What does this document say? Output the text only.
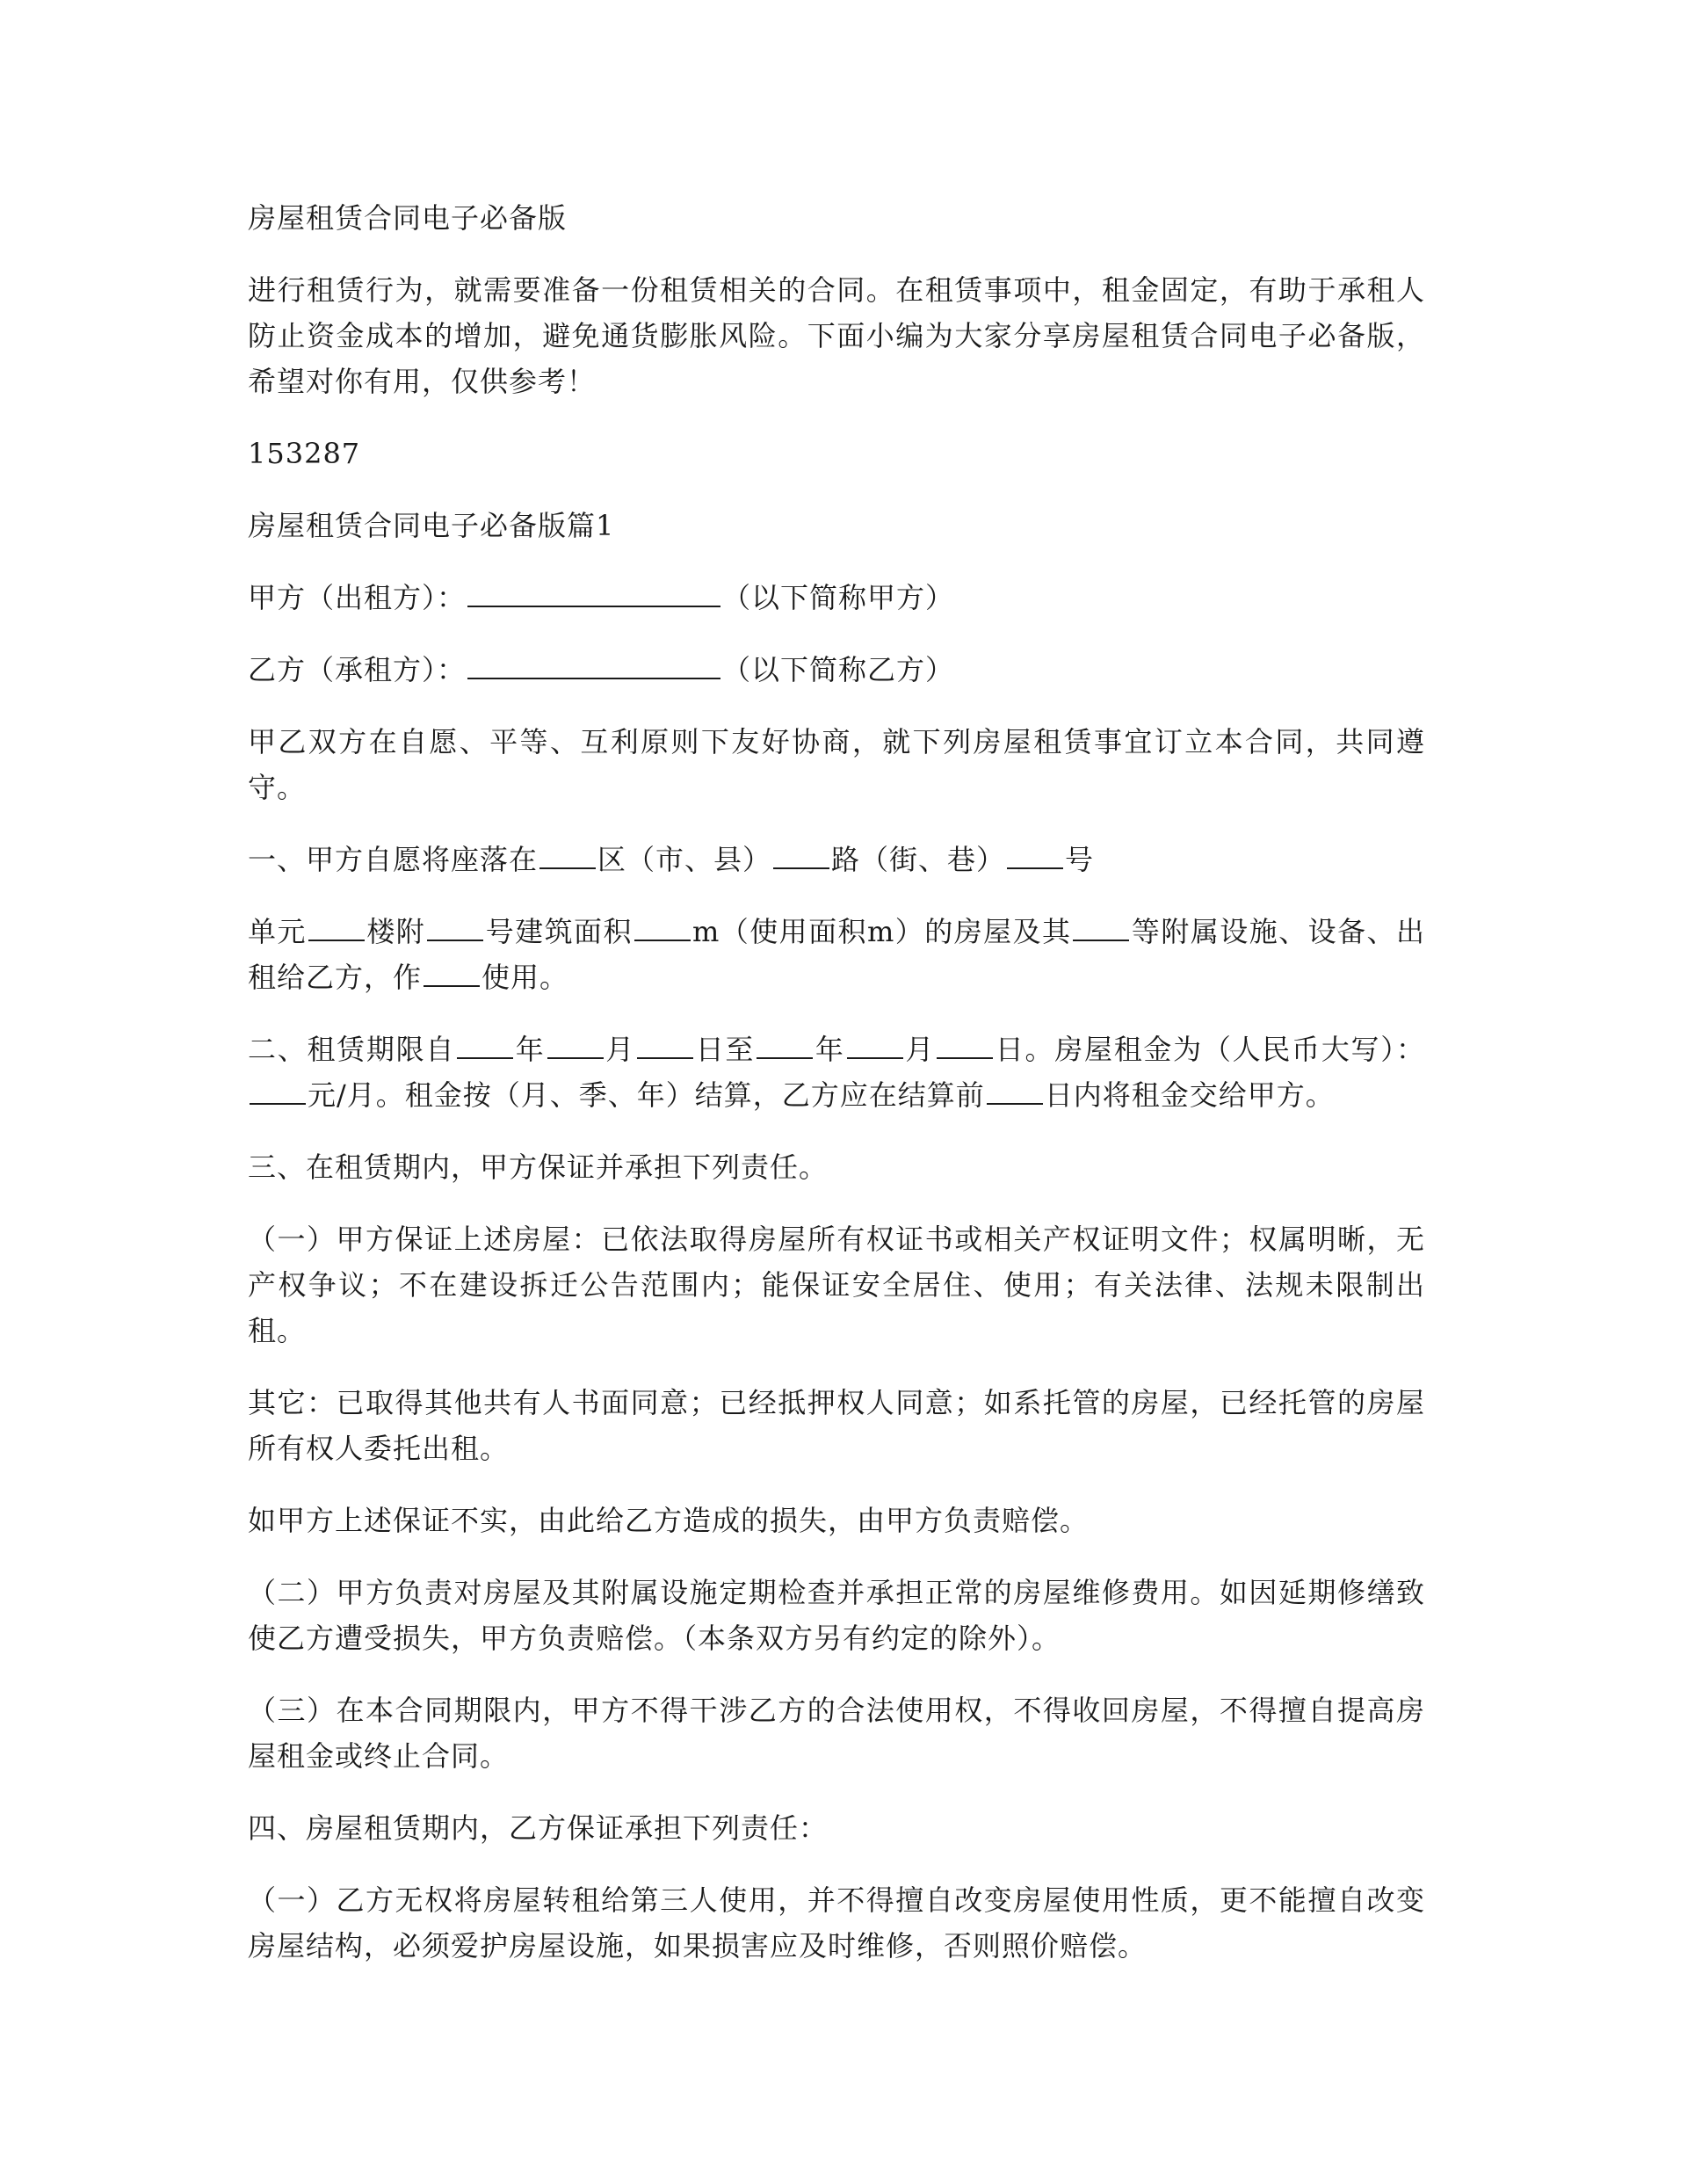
房屋租赁合同电子必备版

进行租赁行为，就需要准备一份租赁相关的合同。在租赁事项中，租金固定，有助于承租人防止资金成本的增加，避免通货膨胀风险。下面小编为大家分享房屋租赁合同电子必备版，希望对你有用，仅供参考！

153287

房屋租赁合同电子必备版篇1

甲方（出租方）：	（以下简称甲方）

乙方（承租方）：	（以下简称乙方）

甲乙双方在自愿、平等、互利原则下友好协商，就下列房屋租赁事宜订立本合同，共同遵守。

一、甲方自愿将座落在 区（市、县） 路（街、巷） 号

单元 楼附 号建筑面积 m（使用面积m）的房屋及其 等附属设施、设备、出租给乙方，作 使用。

二、租赁期限自 年 月 日至 年 月 日。房屋租金为（人民币大写）：元/月。租金按（月、季、年）结算，乙方应在结算前 日内将租金交给甲方。

三、在租赁期内，甲方保证并承担下列责任。

（一）甲方保证上述房屋：已依法取得房屋所有权证书或相关产权证明文件；权属明晰，无产权争议；不在建设拆迁公告范围内；能保证安全居住、使用；有关法律、法规未限制出租。

其它：已取得其他共有人书面同意；已经抵押权人同意；如系托管的房屋，已经托管的房屋所有权人委托出租。

如甲方上述保证不实，由此给乙方造成的损失，由甲方负责赔偿。

（二）甲方负责对房屋及其附属设施定期检查并承担正常的房屋维修费用。如因延期修缮致使乙方遭受损失，甲方负责赔偿。（本条双方另有约定的除外）。

（三）在本合同期限内，甲方不得干涉乙方的合法使用权，不得收回房屋，不得擅自提高房屋租金或终止合同。

四、房屋租赁期内，乙方保证承担下列责任：

（一）乙方无权将房屋转租给第三人使用，并不得擅自改变房屋使用性质，更不能擅自改变房屋结构，必须爱护房屋设施，如果损害应及时维修，否则照价赔偿。
